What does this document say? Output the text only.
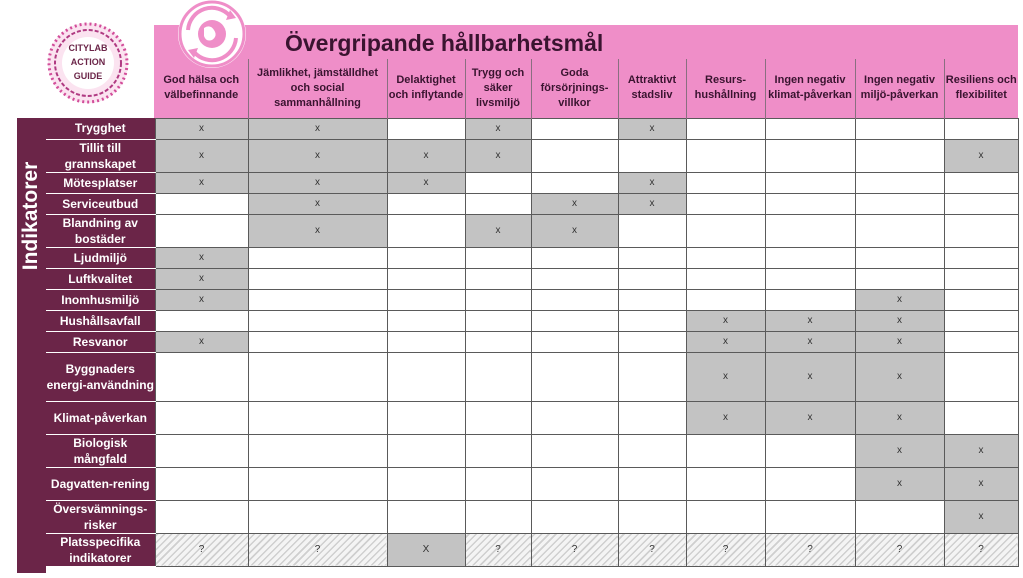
CITYLAB
ACTION
GUIDE
Övergripande hållbarhetsmål
Indikatorer
	God hälsa och välbefinnande	Jämlikhet, jämställdhet och social sammanhållning	Delaktighet och inflytande	Trygg och säker livsmiljö	Goda försörjnings-villkor	Attraktivt stadsliv	Resurs-hushållning	Ingen negativ klimat-påverkan	Ingen negativ miljö-påverkan	Resiliens och flexibilitet
Trygghet	x	x		x		x				
Tillit till grannskapet	x	x	x	x						x
Mötesplatser	x	x	x			x				
Serviceutbud		x			x	x				
Blandning av bostäder		x		x	x					
Ljudmiljö	x									
Luftkvalitet	x									
Inomhusmiljö	x								x	
Hushållsavfall							x	x	x	
Resvanor	x						x	x	x	
Byggnaders energi-användning							x	x	x	
Klimat-påverkan							x	x	x	
Biologisk mångfald									x	x
Dagvatten-rening									x	x
Översvämnings-risker										x
Platsspecifika indikatorer	?	?	X	?	?	?	?	?	?	?
